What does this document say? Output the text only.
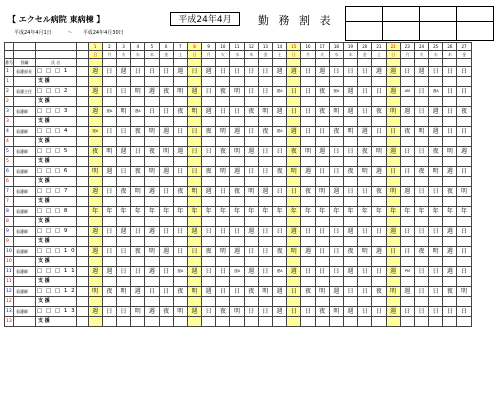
【 エクセル病院 東病棟 】
平成24年4月1日	～ 平成24年4月30日
平成24年4月	勤 務 割 表

				1	2	3	4	5	6	7	8	9	10	11	12	13	14	15	16	17	18	19	20	21	22	23	24	25	26	27
				日	月	火	水	木	金	土	日	月	火	水	木	金	土	日	月	火	水	木	金	土	日	月	火	水	木	金
番号	役職	氏 名																												
1	看護部長	□ □ □ 1		週	日	週	日	日	日	週	日	週	日	日	日	日	週	週	日	週	日	日	日	週	週	日	週	日	日	日
1		支 援																												
2	看護主任	□ □ □ 2		週	日	日	明	週	夜	明	週	日	夜	明	日	日	遅A	日	日	夜	遅A	週	日	日	週	AM	日	遅A	日	日
2		支 援																												
3	看護師	□ □ □ 3		週	遅A	明	遅A	日	日	夜	明	週	日	日	夜	明	週	日	日	夜	明	週	日	夜	明	週	日	週	日	夜
3		支 援																												
4	看護師	□ □ □ 4		遅A	日	日	夜	明	週	日	日	夜	明	週	日	夜	遅A	週	日	日	夜	明	週	日	日	夜	明	週	日	日
4		支 援																												
5	看護師	□ □ □ 5		夜	明	週	日	夜	明	週	日	日	夜	明	週	日	日	夜	明	週	日	日	夜	明	週	日	日	夜	明	週
5		支 援																												
6	看護師	□ □ □ 6		明	週	日	夜	明	週	日	日	夜	明	週	日	日	夜	明	週	日	日	夜	明	週	日	日	夜	明	週	日
6		支 援																												
7	看護師	□ □ □ 7		週	日	夜	明	週	日	夜	明	週	日	夜	明	週	日	日	夜	明	週	日	日	夜	明	週	日	日	夜	明
7		支 援																												
8	看護師	□ □ □ 8		年	年	年	年	年	年	年	年	年	年	年	年	年	年	年	年	年	年	年	年	年	年	年	年	年	年	年
8		支 援																												
9	看護師	□ □ □ 9		週	日	週	日	週	日	日	週	日	日	日	週	日	日	週	日	日	日	週	日	日	週	日	日	日	週	日
9		支 援																												
10	看護師	□ □ □ 1 0		週	日	日	夜	明	週	日	日	夜	明	週	日	日	夜	明	週	日	日	夜	明	週	日	日	夜	明	週	日
10		支 援																												
11	看護師	□ □ □ 1 1		週	週	日	日	週	日	遅A	週	日	日	遅A	週	日	遅A	週	日	日	日	週	日	日	週	PM	日	日	週	日
11		支 援																												
12	看護師	□ □ □ 1 2		明	夜	明	週	日	日	夜	明	週	日	日	夜	明	週	日	夜	明	週	日	日	夜	明	週	日	日	夜	明
12		支 援																												
13	看護師	□ □ □ 1 3		週	日	日	明	週	夜	明	週	日	夜	明	日	日	週	日	日	夜	明	週	日	日	週	日	日	日	日	日
13		支 援																												
